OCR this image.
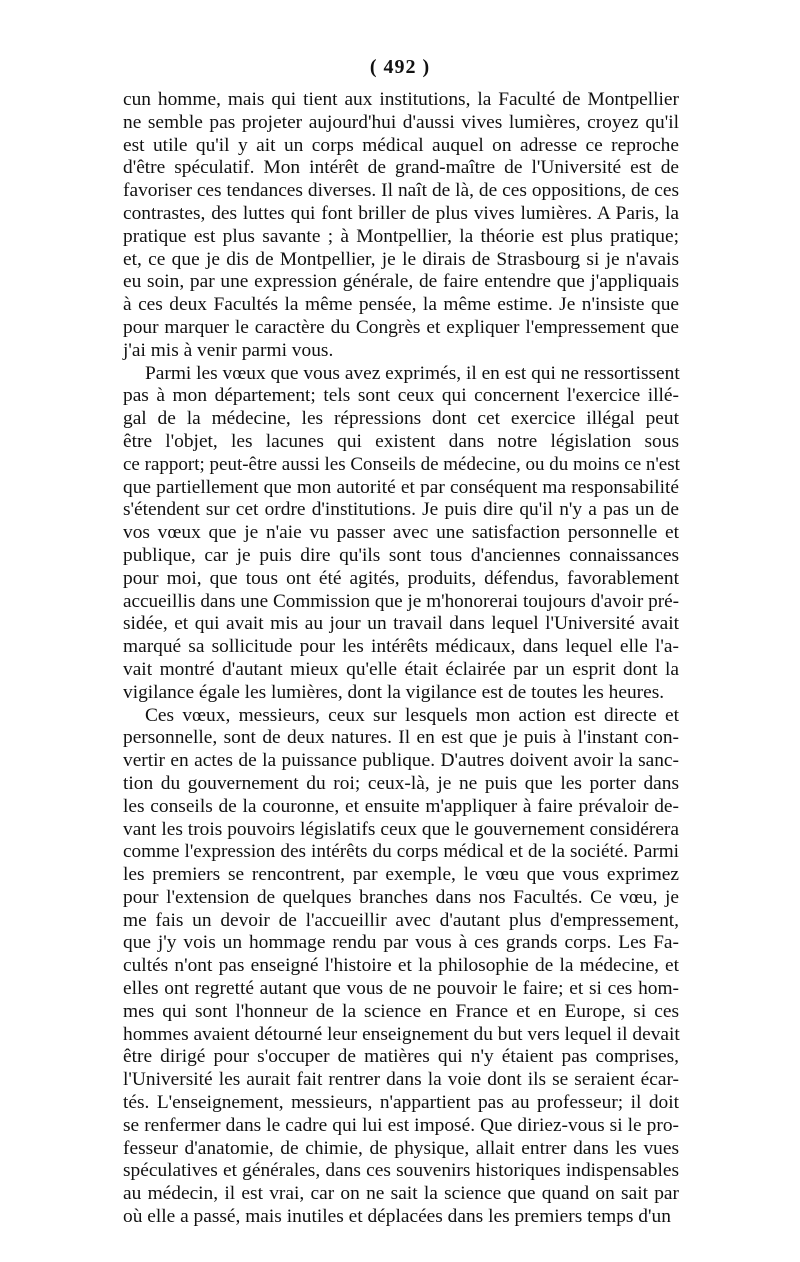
( 492 )
cun homme, mais qui tient aux institutions, la Faculté de Montpellier
ne semble pas projeter aujourd'hui d'aussi vives lumières, croyez qu'il
est utile qu'il y ait un corps médical auquel on adresse ce reproche
d'être spéculatif. Mon intérêt de grand-maître de l'Université est de
favoriser ces tendances diverses. Il naît de là, de ces oppositions, de ces
contrastes, des luttes qui font briller de plus vives lumières. A Paris, la
pratique est plus savante ; à Montpellier, la théorie est plus pratique;
et, ce que je dis de Montpellier, je le dirais de Strasbourg si je n'avais
eu soin, par une expression générale, de faire entendre que j'appliquais
à ces deux Facultés la même pensée, la même estime. Je n'insiste que
pour marquer le caractère du Congrès et expliquer l'empressement que
j'ai mis à venir parmi vous.
Parmi les vœux que vous avez exprimés, il en est qui ne ressortissent
pas à mon département; tels sont ceux qui concernent l'exercice illé-
gal de la médecine, les répressions dont cet exercice illégal peut
être l'objet, les lacunes qui existent dans notre législation sous
ce rapport; peut-être aussi les Conseils de médecine, ou du moins ce n'est
que partiellement que mon autorité et par conséquent ma responsabilité
s'étendent sur cet ordre d'institutions. Je puis dire qu'il n'y a pas un de
vos vœux que je n'aie vu passer avec une satisfaction personnelle et
publique, car je puis dire qu'ils sont tous d'anciennes connaissances
pour moi, que tous ont été agités, produits, défendus, favorablement
accueillis dans une Commission que je m'honorerai toujours d'avoir pré-
sidée, et qui avait mis au jour un travail dans lequel l'Université avait
marqué sa sollicitude pour les intérêts médicaux, dans lequel elle l'a-
vait montré d'autant mieux qu'elle était éclairée par un esprit dont la
vigilance égale les lumières, dont la vigilance est de toutes les heures.
Ces vœux, messieurs, ceux sur lesquels mon action est directe et
personnelle, sont de deux natures. Il en est que je puis à l'instant con-
vertir en actes de la puissance publique. D'autres doivent avoir la sanc-
tion du gouvernement du roi; ceux-là, je ne puis que les porter dans
les conseils de la couronne, et ensuite m'appliquer à faire prévaloir de-
vant les trois pouvoirs législatifs ceux que le gouvernement considérera
comme l'expression des intérêts du corps médical et de la société. Parmi
les premiers se rencontrent, par exemple, le vœu que vous exprimez
pour l'extension de quelques branches dans nos Facultés. Ce vœu, je
me fais un devoir de l'accueillir avec d'autant plus d'empressement,
que j'y vois un hommage rendu par vous à ces grands corps. Les Fa-
cultés n'ont pas enseigné l'histoire et la philosophie de la médecine, et
elles ont regretté autant que vous de ne pouvoir le faire; et si ces hom-
mes qui sont l'honneur de la science en France et en Europe, si ces
hommes avaient détourné leur enseignement du but vers lequel il devait
être dirigé pour s'occuper de matières qui n'y étaient pas comprises,
l'Université les aurait fait rentrer dans la voie dont ils se seraient écar-
tés. L'enseignement, messieurs, n'appartient pas au professeur; il doit
se renfermer dans le cadre qui lui est imposé. Que diriez-vous si le pro-
fesseur d'anatomie, de chimie, de physique, allait entrer dans les vues
spéculatives et générales, dans ces souvenirs historiques indispensables
au médecin, il est vrai, car on ne sait la science que quand on sait par
où elle a passé, mais inutiles et déplacées dans les premiers temps d'un
